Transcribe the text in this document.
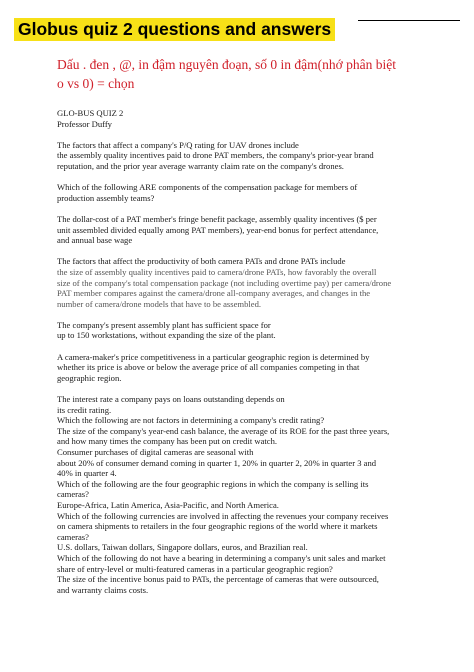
Globus quiz 2 questions and answers
Dấu . đen , @, in đậm nguyên đoạn, số 0 in đậm(nhớ phân biệt
o vs 0) = chọn

GLO-BUS QUIZ 2

Professor Duffy

The factors that affect a company's P/Q rating for UAV drones include

the assembly quality incentives paid to drone PAT members, the company's prior-year brand

reputation, and the prior year average warranty claim rate on the company's drones.

Which of the following ARE components of the compensation package for members of

production assembly teams?

The dollar-cost of a PAT member's fringe benefit package, assembly quality incentives ($ per

unit assembled divided equally among PAT members), year-end bonus for perfect attendance,

and annual base wage

The factors that affect the productivity of both camera PATs and drone PATs include

the size of assembly quality incentives paid to camera/drone PATs, how favorably the overall

size of the company's total compensation package (not including overtime pay) per camera/drone

PAT member compares against the camera/drone all-company averages, and changes in the

number of camera/drone models that have to be assembled.

The company's present assembly plant has sufficient space for

up to 150 workstations, without expanding the size of the plant.

A camera-maker's price competitiveness in a particular geographic region is determined by

whether its price is above or below the average price of all companies competing in that

geographic region.

The interest rate a company pays on loans outstanding depends on

its credit rating.

Which the following are not factors in determining a company's credit rating?

The size of the company's year-end cash balance, the average of its ROE for the past three years,

and how many times the company has been put on credit watch.

Consumer purchases of digital cameras are seasonal with

about 20% of consumer demand coming in quarter 1, 20% in quarter 2, 20% in quarter 3 and

40% in quarter 4.

Which of the following are the four geographic regions in which the company is selling its

cameras?

Europe-Africa, Latin America, Asia-Pacific, and North America.

Which of the following currencies are involved in affecting the revenues your company receives

on camera shipments to retailers in the four geographic regions of the world where it markets

cameras?

U.S. dollars, Taiwan dollars, Singapore dollars, euros, and Brazilian real.

Which of the following do not have a bearing in determining a company's unit sales and market

share of entry-level or multi-featured cameras in a particular geographic region?

The size of the incentive bonus paid to PATs, the percentage of cameras that were outsourced,

and warranty claims costs.
